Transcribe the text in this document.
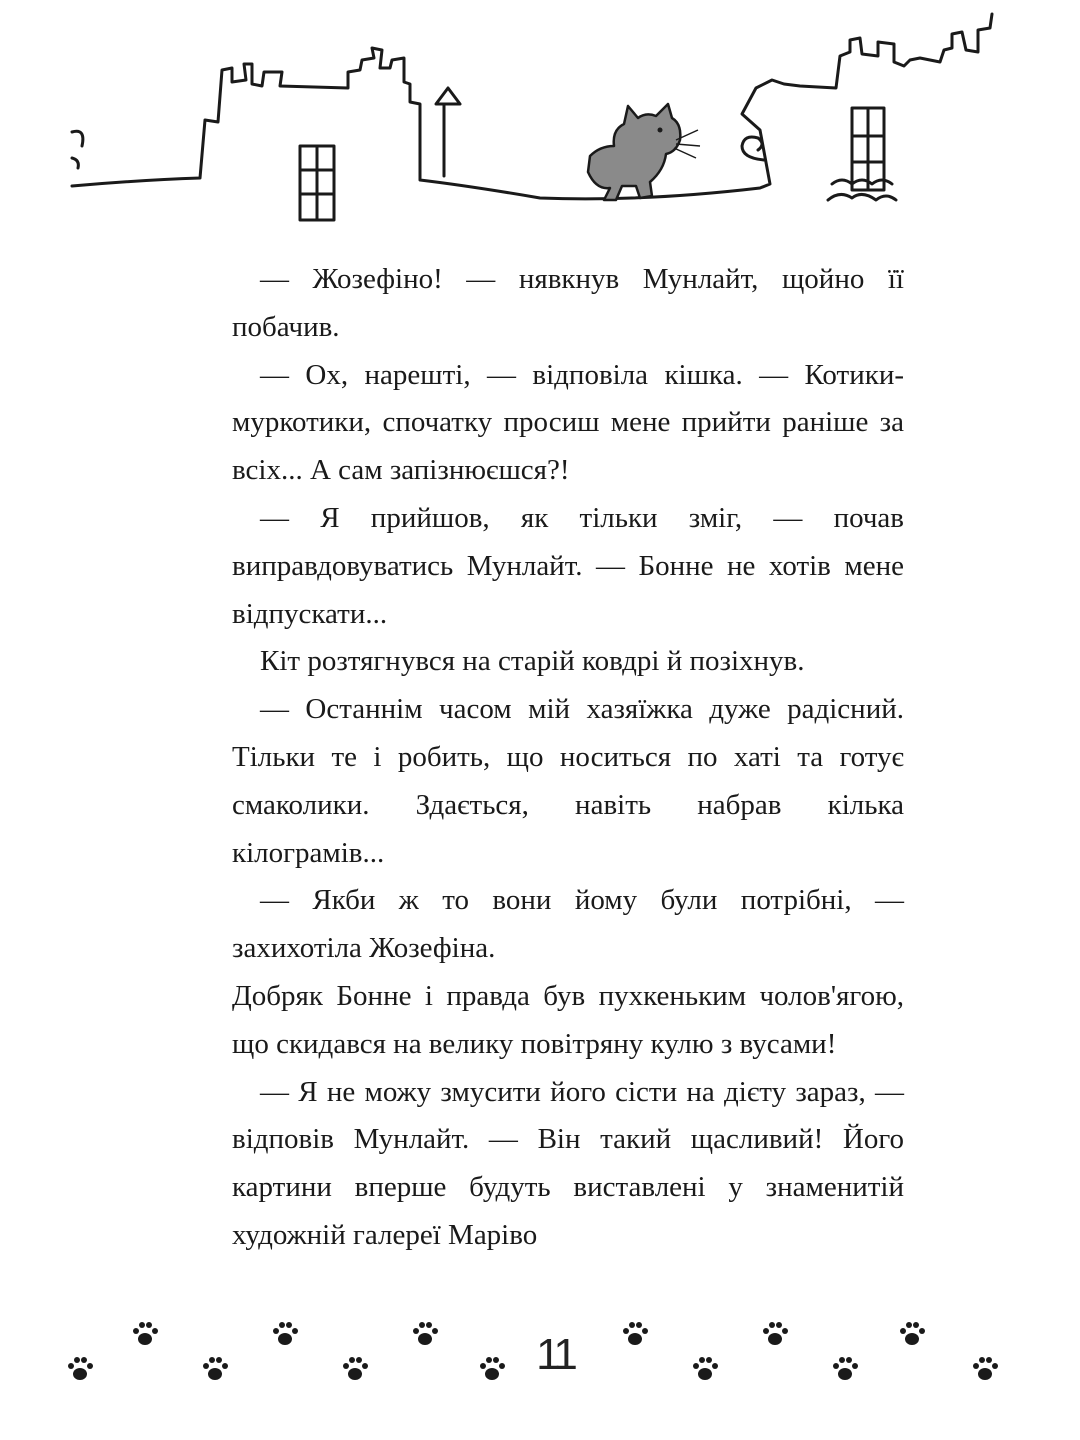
— Жозефіно! — нявкнув Мунлайт, щойно її побачив.

— Ох, нарешті, — відповіла кішка. — Котики-муркотики, спочатку просиш мене прийти раніше за всіх... А сам запізнюєшся?!

— Я прийшов, як тільки зміг, — почав виправдовуватись Мунлайт. — Бонне не хотів мене відпускати...

Кіт розтягнувся на старій ковдрі й позіхнув.

— Останнім часом мій хазяїжка дуже радісний. Тільки те і робить, що носиться по хаті та готує смаколики. Здається, навіть набрав кілька кілограмів...

— Якби ж то вони йому були потрібні, — захихотіла Жозефіна.

Добряк Бонне і правда був пухкеньким чолов'ягою, що скидався на велику повітряну кулю з вусами!

— Я не можу змусити його сісти на дієту зараз, — відповів Мунлайт. — Він такий щасливий! Його картини вперше будуть виставлені у знаменитій художній галереї Маріво

11
